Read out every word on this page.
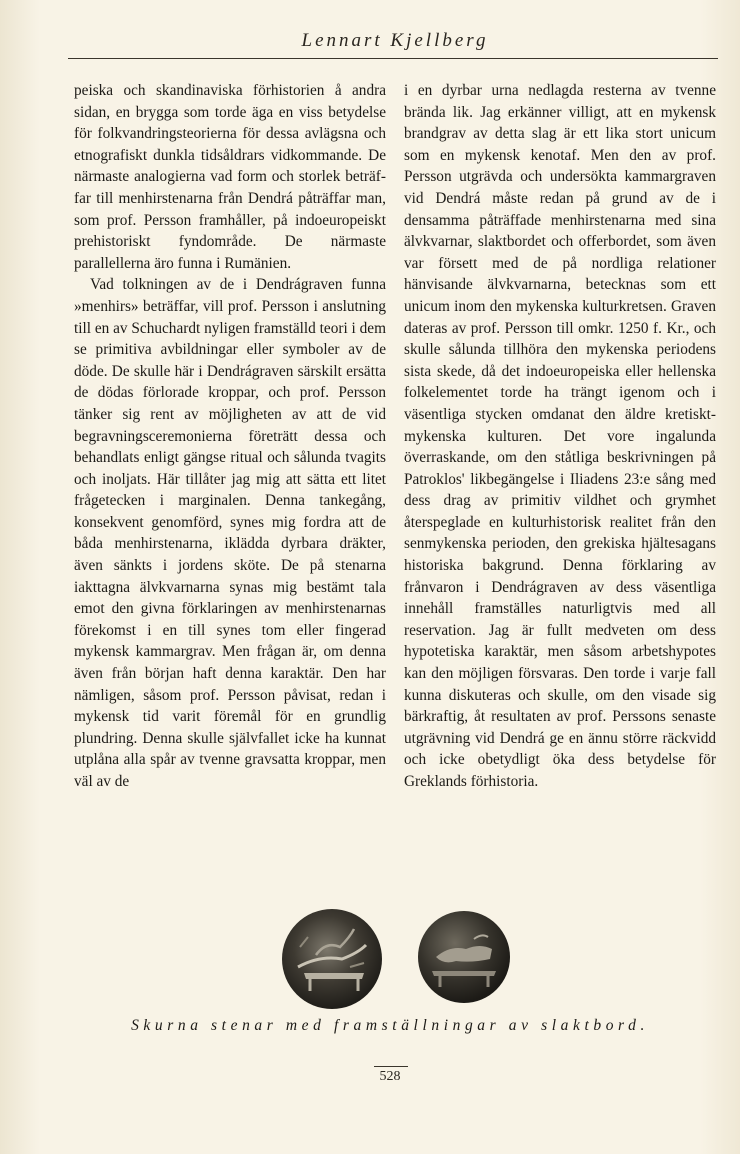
Lennart Kjellberg

peiska och skandinaviska förhistorien å andra sidan, en brygga som torde äga en viss betydelse för folkvandringsteorierna för dessa avlägsna och etnografiskt dunkla tidsåldrars vidkommande. De närmaste analogierna vad form och storlek beträffar till menhirstenarna från Dendrá påträffar man, som prof. Persson framhåller, på indoeuropeiskt prehistoriskt fyndområde. De närmaste parallellerna äro funna i Rumänien.

Vad tolkningen av de i Dendrágraven funna »menhirs» beträffar, vill prof. Persson i anslutning till en av Schuchardt nyligen framställd teori i dem se primitiva avbildningar eller symboler av de döde. De skulle här i Dendrágraven särskilt ersätta de dödas förlorade kroppar, och prof. Persson tänker sig rent av möjligheten av att de vid begravningsceremonierna företrätt dessa och behandlats enligt gängse ritual och sålunda tvagits och inoljats. Här tillåter jag mig att sätta ett litet frågetecken i marginalen. Denna tankegång, konsekvent genomförd, synes mig fordra att de båda menhirstenarna, iklädda dyrbara dräkter, även sänkts i jordens sköte. De på stenarna iakttagna älvkvarnarna synas mig bestämt tala emot den givna förklaringen av menhirstenarnas förekomst i en till synes tom eller fingerad mykensk kammargrav. Men frågan är, om denna även från början haft denna karaktär. Den har nämligen, såsom prof. Persson påvisat, redan i mykensk tid varit föremål för en grundlig plundring. Denna skulle självfallet icke ha kunnat utplåna alla spår av tvenne gravsatta kroppar, men väl av de

i en dyrbar urna nedlagda resterna av tvenne brända lik. Jag erkänner villigt, att en mykensk brandgrav av detta slag är ett lika stort unicum som en mykensk kenotaf. Men den av prof. Persson utgrävda och undersökta kammargraven vid Dendrá måste redan på grund av de i densamma påträffade menhirstenarna med sina älvkvarnar, slaktbordet och offerbordet, som även var försett med de på nordliga relationer hänvisande älvkvarnarna, betecknas som ett unicum inom den mykenska kulturkretsen. Graven dateras av prof. Persson till omkr. 1250 f. Kr., och skulle sålunda tillhöra den mykenska periodens sista skede, då det indoeuropeiska eller hellenska folkelementet torde ha trängt igenom och i väsentliga stycken omdanat den äldre kretiskt-mykenska kulturen. Det vore ingalunda överraskande, om den ståtliga beskrivningen på Patroklos' likbegängelse i Iliadens 23:e sång med dess drag av primitiv vildhet och grymhet återspeglade en kulturhistorisk realitet från den senmykenska perioden, den grekiska hjältesagans historiska bakgrund. Denna förklaring av frånvaron i Dendrágraven av dess väsentliga innehåll framställes naturligtvis med all reservation. Jag är fullt medveten om dess hypotetiska karaktär, men såsom arbetshypotes kan den möjligen försvaras. Den torde i varje fall kunna diskuteras och skulle, om den visade sig bärkraftig, åt resultaten av prof. Perssons senaste utgrävning vid Dendrá ge en ännu större räckvidd och icke obetydligt öka dess betydelse för Greklands förhistoria.

Skurna stenar med framställningar av slaktbord.
528
